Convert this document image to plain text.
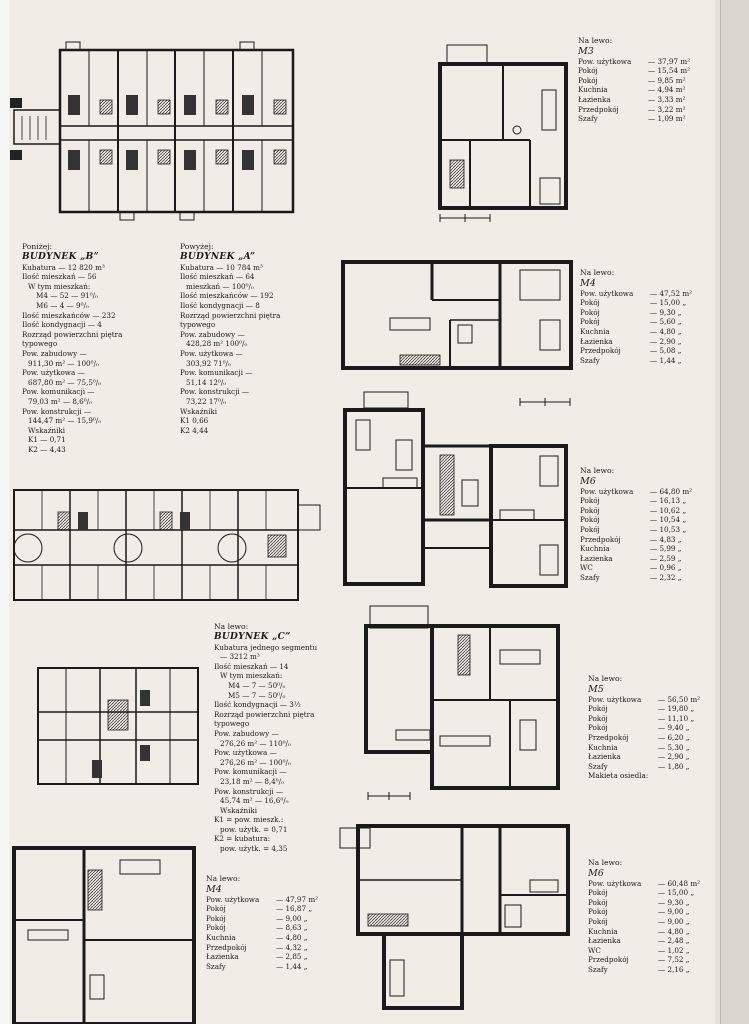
Na lewo:
M3
Pow. użytkowa	— 37,97 m²
Pokój	— 15,54 m²
Pokój	— 9,85 m²
Kuchnia	— 4,94 m²
Łazienka	— 3,33 m²
Przedpokój	— 3,22 m²
Szafy	— 1,09 m²
Na lewo:
M4
Pow. użytkowa	— 47,52 m²
Pokój	— 15,00 „
Pokój	— 9,30 „
Pokój	— 5,60 „
Kuchnia	— 4,80 „
Łazienka	— 2,90 „
Przedpokój	— 5,08 „
Szafy	— 1,44 „
Na lewo:
M6
Pow. użytkowa	— 64,80 m²
Pokój	— 16,13 „
Pokój	— 10,62 „
Pokój	— 10,54 „
Pokój	— 10,53 „
Przedpokój	— 4,83 „
Kuchnia	— 5,99 „
Łazienka	— 2,59 „
WC	— 0,96 „
Szafy	— 2,32 „
Na lewo:
M5
Pow. użytkowa	— 56,50 m²
Pokój	— 19,80 „
Pokój	— 11,10 „
Pokój	— 9,40 „
Przedpokój	— 6,20 „
Kuchnia	— 5,30 „
Łazienka	— 2,90 „
Szafy	— 1,80 „
Makieta osiedla:
Na lewo:
M6
Pow. użytkowa	— 60,48 m²
Pokój	— 15,00 „
Pokój	— 9,30 „
Pokój	— 9,00 „
Pokój	— 9,00 „
Kuchnia	— 4,80 „
Łazienka	— 2,48 „
WC	— 1,02 „
Przedpokój	— 7,52 „
Szafy	— 2,16 „
Na lewo:
M4
Pow. użytkowa	— 47,97 m²
Pokój	— 16,87 „
Pokój	— 9,00 „
Pokój	— 8,63 „
Kuchnia	— 4,80 „
Przedpokój	— 4,32 „
Łazienka	— 2,85 „
Szafy	— 1,44 „
Poniżej:
BUDYNEK „B”
Kubatura — 12 820 m³
Ilość mieszkań — 56
W tym mieszkań:
M4 — 52 — 91⁰/₀
M6 — 4 — 9⁰/₀
Ilość mieszkańców — 232
Ilość kondygnacji — 4
Rozrząd powierzchni piętra
typowego
Pow. zabudowy —
911,30 m² — 100⁰/₀
Pow. użytkowa —
687,80 m² — 75,5⁰/₀
Pow. komunikacji —
79,03 m² — 8,6⁰/₀
Pow. konstrukcji —
144,47 m² — 15,9⁰/₀
Wskaźniki
K1 — 0,71
K2 — 4,43
Powyżej:
BUDYNEK „A”
Kubatura — 10 784 m³
Ilość mieszkań — 64
mieszkań — 100⁰/₀
Ilość mieszkańców — 192
Ilość kondygnacji — 8
Rozrząd powierzchni piętra
typowego
Pow. zabudowy —
428,28 m² 100⁰/₀
Pow. użytkowa —
303,92 71⁰/₀
Pow. komunikacji —
51,14 12⁰/₀
Pow. konstrukcji —
73,22 17⁰/₀
Wskaźniki
K1 0,66
K2 4,44
Na lewo:
BUDYNEK „C”
Kubatura jednego segmentu
— 3212 m³
Ilość mieszkań — 14
W tym mieszkań:
M4 — 7 — 50⁰/₀
M5 — 7 — 50⁰/₀
Ilość kondygnacji — 3½
Rozrząd powierzchni piętra
typowego
Pow. zabudowy —
276,26 m² — 110⁰/₀
Pow. użytkowa —
276,26 m² — 100⁰/₀
Pow. komunikacji —
23,18 m² — 8,4⁰/₀
Pow. konstrukcji —
45,74 m² — 16,6⁰/₀
Wskaźniki
K1 = pow. mieszk.:
pow. użytk. = 0,71
K2 = kubatura:
pow. użytk. = 4,35
